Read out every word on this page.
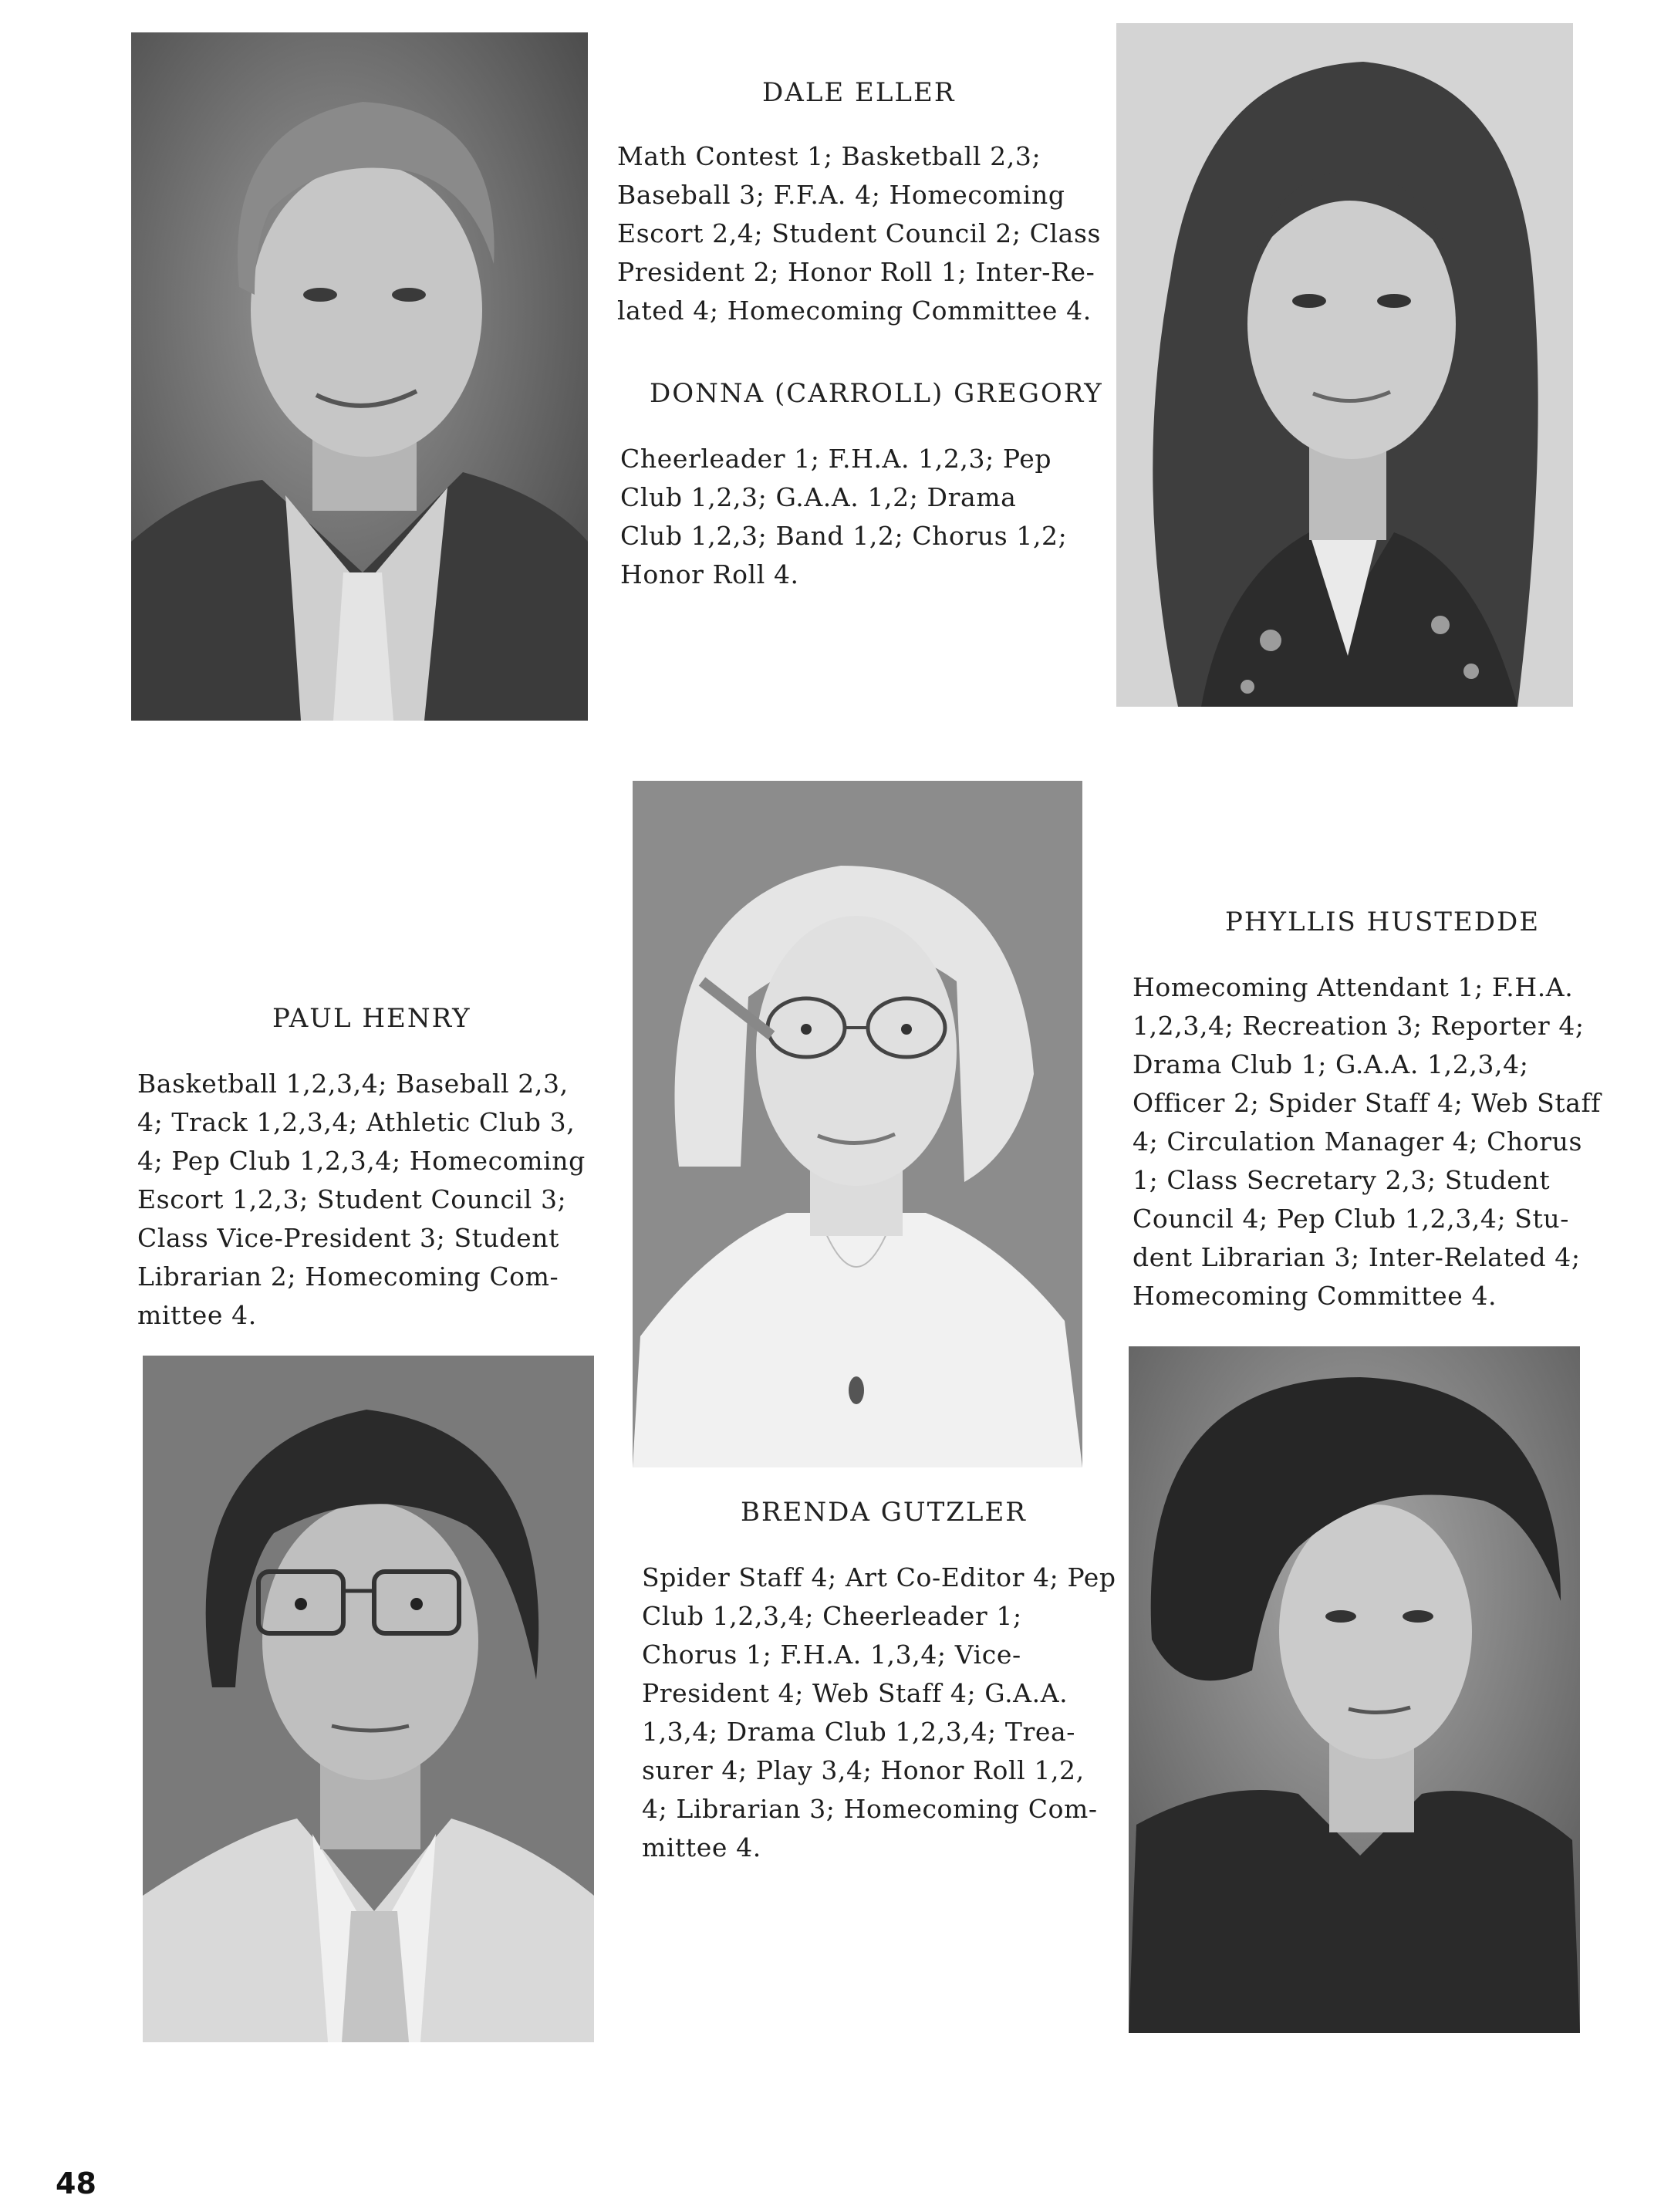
DALE ELLER
Math Contest 1; Basketball 2,3;
Baseball 3; F.F.A. 4; Homecoming
Escort 2,4; Student Council 2; Class
President 2; Honor Roll 1; Inter-Re-
lated 4; Homecoming Committee 4.
DONNA (CARROLL) GREGORY
Cheerleader 1; F.H.A. 1,2,3; Pep
Club 1,2,3; G.A.A. 1,2; Drama
Club 1,2,3; Band 1,2; Chorus 1,2;
Honor Roll 4.
PAUL HENRY
Basketball 1,2,3,4; Baseball 2,3,
4; Track 1,2,3,4; Athletic Club 3,
4; Pep Club 1,2,3,4; Homecoming
Escort 1,2,3; Student Council 3;
Class Vice-President 3; Student
Librarian 2; Homecoming Com-
mittee 4.
PHYLLIS HUSTEDDE
Homecoming Attendant 1; F.H.A.
1,2,3,4; Recreation 3; Reporter 4;
Drama Club 1; G.A.A. 1,2,3,4;
Officer 2; Spider Staff 4; Web Staff
4; Circulation Manager 4; Chorus
1; Class Secretary 2,3; Student
Council 4; Pep Club 1,2,3,4; Stu-
dent Librarian 3; Inter-Related 4;
Homecoming Committee 4.
BRENDA GUTZLER
Spider Staff 4; Art Co-Editor 4; Pep
Club 1,2,3,4; Cheerleader 1;
Chorus 1; F.H.A. 1,3,4; Vice-
President 4; Web Staff 4; G.A.A.
1,3,4; Drama Club 1,2,3,4; Trea-
surer 4; Play 3,4; Honor Roll 1,2,
4; Librarian 3; Homecoming Com-
mittee 4.
48
